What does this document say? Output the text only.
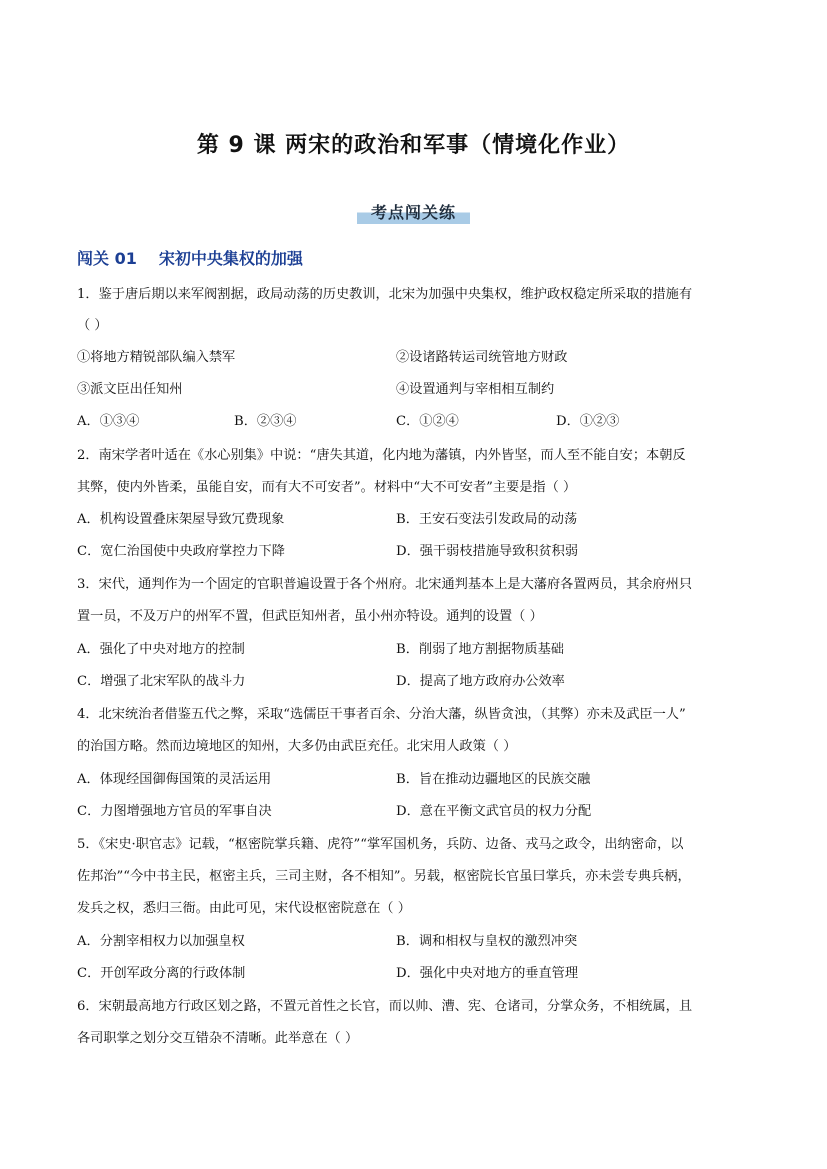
第 9 课 两宋的政治和军事（情境化作业）
考点闯关练
闯关 01 宋初中央集权的加强
1．鉴于唐后期以来军阀割据，政局动荡的历史教训，北宋为加强中央集权，维护政权稳定所采取的措施有
（ ）
①将地方精锐部队编入禁军	②设诸路转运司统管地方财政
③派文臣出任知州	④设置通判与宰相相互制约
A．①③④	B．②③④	C．①②④	D．①②③
2．南宋学者叶适在《水心别集》中说：“唐失其道，化内地为藩镇，内外皆坚，而人至不能自安；本朝反
其弊，使内外皆柔，虽能自安，而有大不可安者”。材料中“大不可安者”主要是指（ ）
A．机构设置叠床架屋导致冗费现象	B．王安石变法引发政局的动荡
C．宽仁治国使中央政府掌控力下降	D．强干弱枝措施导致积贫积弱
3．宋代，通判作为一个固定的官职普遍设置于各个州府。北宋通判基本上是大藩府各置两员，其余府州只
置一员，不及万户的州军不置，但武臣知州者，虽小州亦特设。通判的设置（ ）
A．强化了中央对地方的控制	B．削弱了地方割据物质基础
C．增强了北宋军队的战斗力	D．提高了地方政府办公效率
4．北宋统治者借鉴五代之弊，采取“选儒臣干事者百余、分治大藩，纵皆贪浊，（其弊）亦未及武臣一人”
的治国方略。然而边境地区的知州，大多仍由武臣充任。北宋用人政策（ ）
A．体现经国御侮国策的灵活运用	B．旨在推动边疆地区的民族交融
C．力图增强地方官员的军事自决	D．意在平衡文武官员的权力分配
5．《宋史·职官志》记载，“枢密院掌兵籍、虎符”“掌军国机务，兵防、边备、戎马之政令，出纳密命，以
佐邦治”“今中书主民，枢密主兵，三司主财，各不相知”。另载，枢密院长官虽曰掌兵，亦未尝专典兵柄，
发兵之权，悉归三衙。由此可见，宋代设枢密院意在（ ）
A．分割宰相权力以加强皇权	B．调和相权与皇权的激烈冲突
C．开创军政分离的行政体制	D．强化中央对地方的垂直管理
6．宋朝最高地方行政区划之路，不置元首性之长官，而以帅、漕、宪、仓诸司，分掌众务，不相统属，且
各司职掌之划分交互错杂不清晰。此举意在（ ）
